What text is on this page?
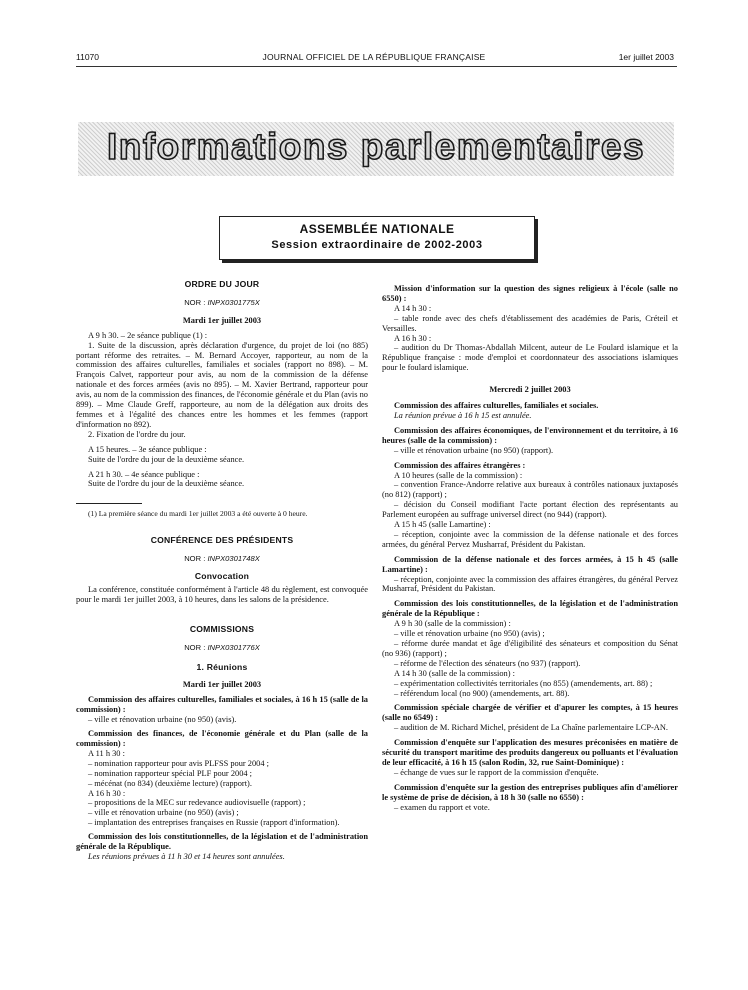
11070	JOURNAL OFFICIEL DE LA RÉPUBLIQUE FRANÇAISE	1er juillet 2003
Informations parlementaires
ASSEMBLÉE NATIONALE
Session extraordinaire de 2002-2003
ORDRE DU JOUR
NOR : INPX0301775X
Mardi 1er juillet 2003

A 9 h 30. – 2e séance publique (1) :

1. Suite de la discussion, après déclaration d'urgence, du projet de loi (no 885) portant réforme des retraites. – M. Bernard Accoyer, rapporteur, au nom de la commission des affaires culturelles, familiales et sociales (rapport no 898). – M. François Calvet, rapporteur pour avis, au nom de la commission de la défense nationale et des forces armées (avis no 895). – M. Xavier Bertrand, rapporteur pour avis, au nom de la commission des finances, de l'économie générale et du Plan (avis no 899). – Mme Claude Greff, rapporteure, au nom de la délégation aux droits des femmes et à l'égalité des chances entre les hommes et les femmes (rapport d'information no 892).

2. Fixation de l'ordre du jour.

A 15 heures. – 3e séance publique :

Suite de l'ordre du jour de la deuxième séance.

A 21 h 30. – 4e séance publique :

Suite de l'ordre du jour de la deuxième séance.

(1) La première séance du mardi 1er juillet 2003 a été ouverte à 0 heure.

CONFÉRENCE DES PRÉSIDENTS
NOR : INPX0301748X
Convocation

La conférence, constituée conformément à l'article 48 du règlement, est convoquée pour le mardi 1er juillet 2003, à 10 heures, dans les salons de la présidence.

COMMISSIONS
NOR : INPX0301776X
1. Réunions
Mardi 1er juillet 2003

Commission des affaires culturelles, familiales et sociales, à 16 h 15 (salle de la commission) :

– ville et rénovation urbaine (no 950) (avis).

Commission des finances, de l'économie générale et du Plan (salle de la commission) :

A 11 h 30 :

– nomination rapporteur pour avis PLFSS pour 2004 ;

– nomination rapporteur spécial PLF pour 2004 ;

– mécénat (no 834) (deuxième lecture) (rapport).

A 16 h 30 :

– propositions de la MEC sur redevance audiovisuelle (rapport) ;

– ville et rénovation urbaine (no 950) (avis) ;

– implantation des entreprises françaises en Russie (rapport d'information).

Commission des lois constitutionnelles, de la législation et de l'administration générale de la République.

Les réunions prévues à 11 h 30 et 14 heures sont annulées.

Mission d'information sur la question des signes religieux à l'école (salle no 6550) :

A 14 h 30 :

– table ronde avec des chefs d'établissement des académies de Paris, Créteil et Versailles.

A 16 h 30 :

– audition du Dr Thomas-Abdallah Milcent, auteur de Le Foulard islamique et la République française : mode d'emploi et coordonnateur des associations islamiques pour le foulard islamique.

Mercredi 2 juillet 2003

Commission des affaires culturelles, familiales et sociales.

La réunion prévue à 16 h 15 est annulée.

Commission des affaires économiques, de l'environnement et du territoire, à 16 heures (salle de la commission) :

– ville et rénovation urbaine (no 950) (rapport).

Commission des affaires étrangères :

A 10 heures (salle de la commission) :

– convention France-Andorre relative aux bureaux à contrôles nationaux juxtaposés (no 812) (rapport) ;

– décision du Conseil modifiant l'acte portant élection des représentants au Parlement européen au suffrage universel direct (no 944) (rapport).

A 15 h 45 (salle Lamartine) :

– réception, conjointe avec la commission de la défense nationale et des forces armées, du général Pervez Musharraf, Président du Pakistan.

Commission de la défense nationale et des forces armées, à 15 h 45 (salle Lamartine) :

– réception, conjointe avec la commission des affaires étrangères, du général Pervez Musharraf, Président du Pakistan.

Commission des lois constitutionnelles, de la législation et de l'administration générale de la République :

A 9 h 30 (salle de la commission) :

– ville et rénovation urbaine (no 950) (avis) ;

– réforme durée mandat et âge d'éligibilité des sénateurs et composition du Sénat (no 936) (rapport) ;

– réforme de l'élection des sénateurs (no 937) (rapport).

A 14 h 30 (salle de la commission) :

– expérimentation collectivités territoriales (no 855) (amendements, art. 88) ;

– référendum local (no 900) (amendements, art. 88).

Commission spéciale chargée de vérifier et d'apurer les comptes, à 15 heures (salle no 6549) :

– audition de M. Richard Michel, président de La Chaîne parlementaire LCP-AN.

Commission d'enquête sur l'application des mesures préconisées en matière de sécurité du transport maritime des produits dangereux ou polluants et l'évaluation de leur efficacité, à 16 h 15 (salon Rodin, 32, rue Saint-Dominique) :

– échange de vues sur le rapport de la commission d'enquête.

Commission d'enquête sur la gestion des entreprises publiques afin d'améliorer le système de prise de décision, à 18 h 30 (salle no 6550) :

– examen du rapport et vote.
